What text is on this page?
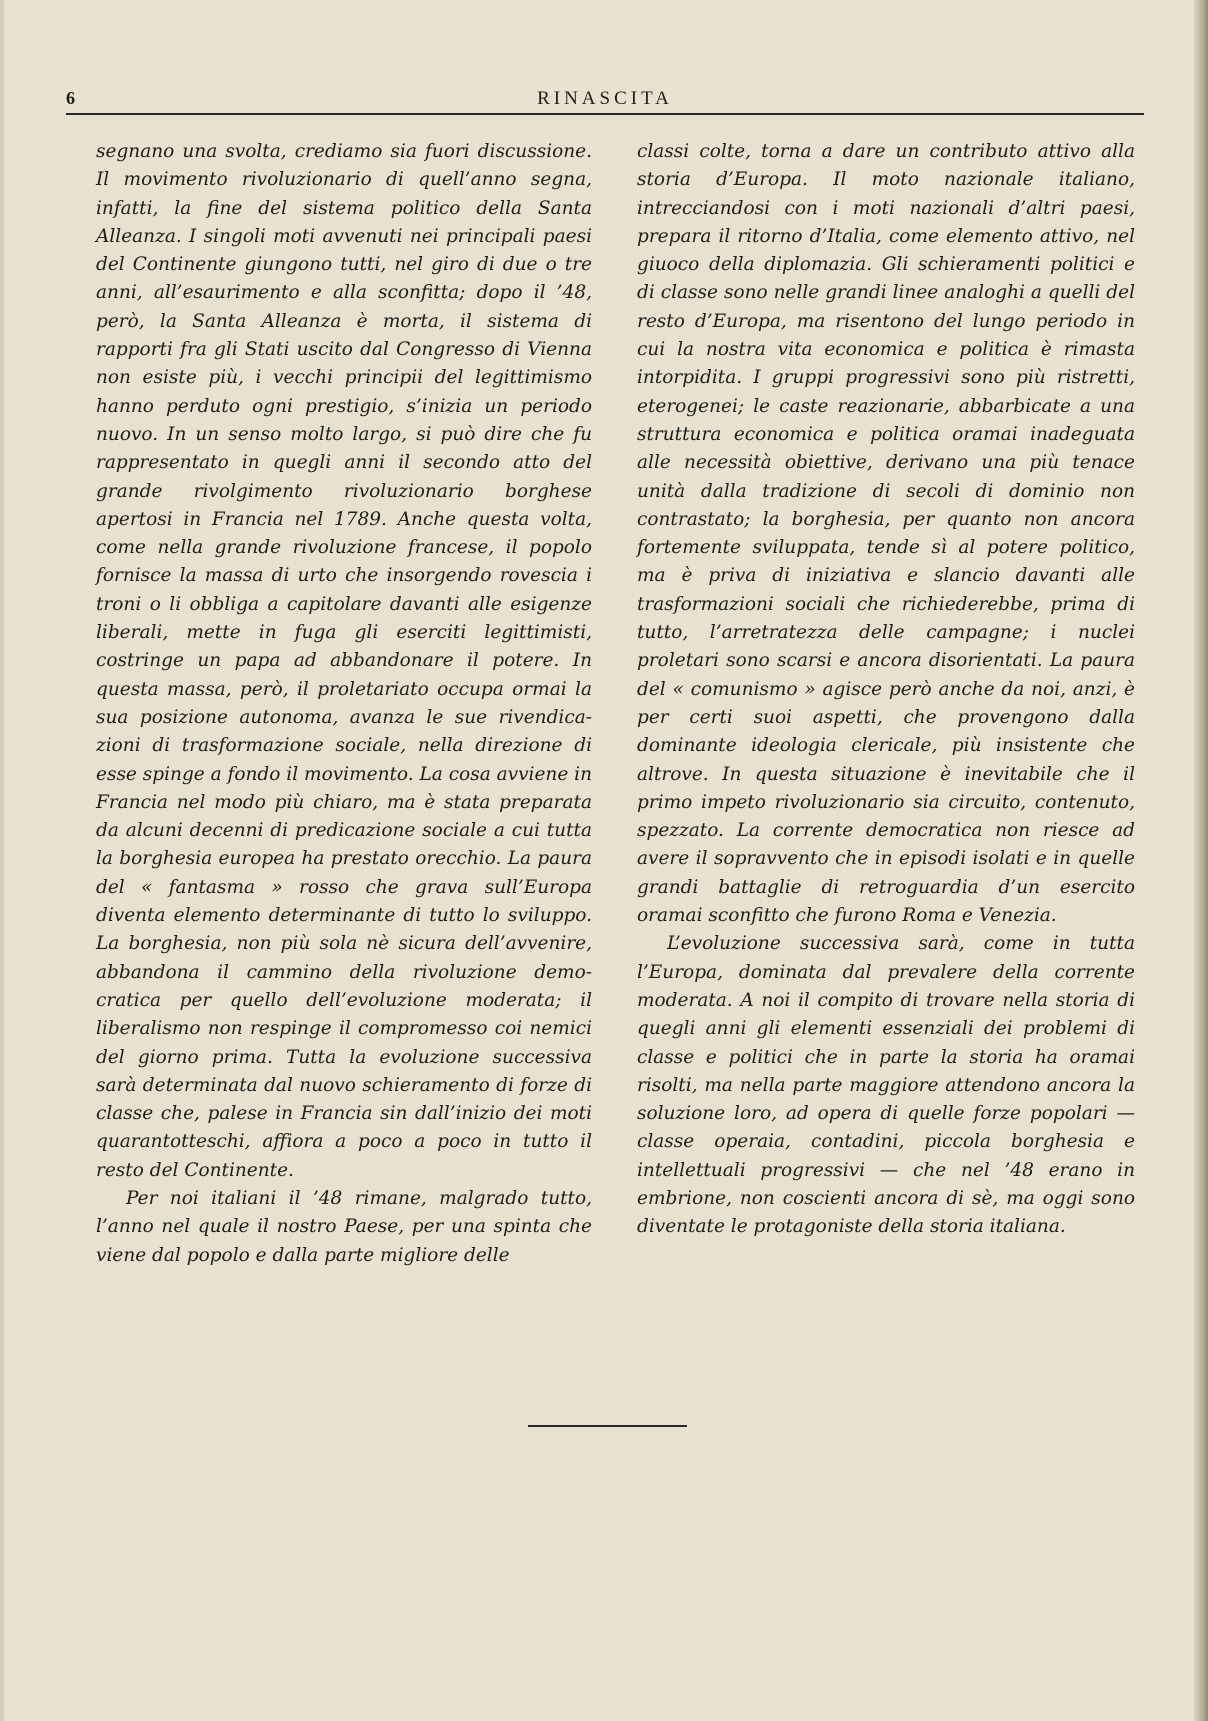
6	RINASCITA

segnano una svolta, crediamo sia fuori discussione. Il movimento rivoluzionario di quell’anno segna, infatti, la fine del sistema politico della Santa Alleanza. I singoli moti avvenuti nei principali paesi del Continente giungono tutti, nel giro di due o tre anni, all’esaurimento e alla sconfitta; dopo il ’48, però, la Santa Alleanza è morta, il sistema di rapporti fra gli Stati uscito dal Congresso di Vienna non esiste più, i vecchi principii del legittimismo hanno perduto ogni prestigio, s’inizia un periodo nuovo. In un senso molto largo, si può dire che fu rappresentato in quegli anni il secondo atto del grande rivolgimento rivoluzionario borghese apertosi in Francia nel 1789. Anche questa volta, come nella grande rivoluzione francese, il popolo fornisce la massa di urto che insorgendo rovescia i troni o li obbliga a capitolare davanti alle esigenze liberali, mette in fuga gli eserciti legittimisti, costringe un papa ad abbandonare il potere. In questa massa, però, il proletariato occupa ormai la sua posizione autonoma, avanza le sue rivendicazioni di trasformazione sociale, nella direzione di esse spinge a fondo il movimento. La cosa avviene in Francia nel modo più chiaro, ma è stata preparata da alcuni decenni di predicazione sociale a cui tutta la borghesia europea ha prestato orecchio. La paura del « fantasma » rosso che grava sull’Europa diventa elemento determinante di tutto lo sviluppo. La borghesia, non più sola nè sicura dell’avvenire, abbandona il cammino della rivoluzione democratica per quello dell’evoluzione moderata; il liberalismo non respinge il compromesso coi nemici del giorno prima. Tutta la evoluzione successiva sarà determinata dal nuovo schieramento di forze di classe che, palese in Francia sin dall’inizio dei moti quarantotteschi, affiora a poco a poco in tutto il resto del Continente.

Per noi italiani il ’48 rimane, malgrado tutto, l’anno nel quale il nostro Paese, per una spinta che viene dal popolo e dalla parte migliore delle

classi colte, torna a dare un contributo attivo alla storia d’Europa. Il moto nazionale italiano, intrecciandosi con i moti nazionali d’altri paesi, prepara il ritorno d’Italia, come elemento attivo, nel giuoco della diplomazia. Gli schieramenti politici e di classe sono nelle grandi linee analoghi a quelli del resto d’Europa, ma risentono del lungo periodo in cui la nostra vita economica e politica è rimasta intorpidita. I gruppi progressivi sono più ristretti, eterogenei; le caste reazionarie, abbarbicate a una struttura economica e politica oramai inadeguata alle necessità obiettive, derivano una più tenace unità dalla tradizione di secoli di dominio non contrastato; la borghesia, per quanto non ancora fortemente sviluppata, tende sì al potere politico, ma è priva di iniziativa e slancio davanti alle trasformazioni sociali che richiederebbe, prima di tutto, l’arretratezza delle campagne; i nuclei proletari sono scarsi e ancora disorientati. La paura del « comunismo » agisce però anche da noi, anzi, è per certi suoi aspetti, che provengono dalla dominante ideologia clericale, più insistente che altrove. In questa situazione è inevitabile che il primo impeto rivoluzionario sia circuito, contenuto, spezzato. La corrente democratica non riesce ad avere il sopravvento che in episodi isolati e in quelle grandi battaglie di retroguardia d’un esercito oramai sconfitto che furono Roma e Venezia.

L’evoluzione successiva sarà, come in tutta l’Europa, dominata dal prevalere della corrente moderata. A noi il compito di trovare nella storia di quegli anni gli elementi essenziali dei problemi di classe e politici che in parte la storia ha oramai risolti, ma nella parte maggiore attendono ancora la soluzione loro, ad opera di quelle forze popolari — classe operaia, contadini, piccola borghesia e intellettuali progressivi — che nel ’48 erano in embrione, non coscienti ancora di sè, ma oggi sono diventate le protagoniste della storia italiana.
